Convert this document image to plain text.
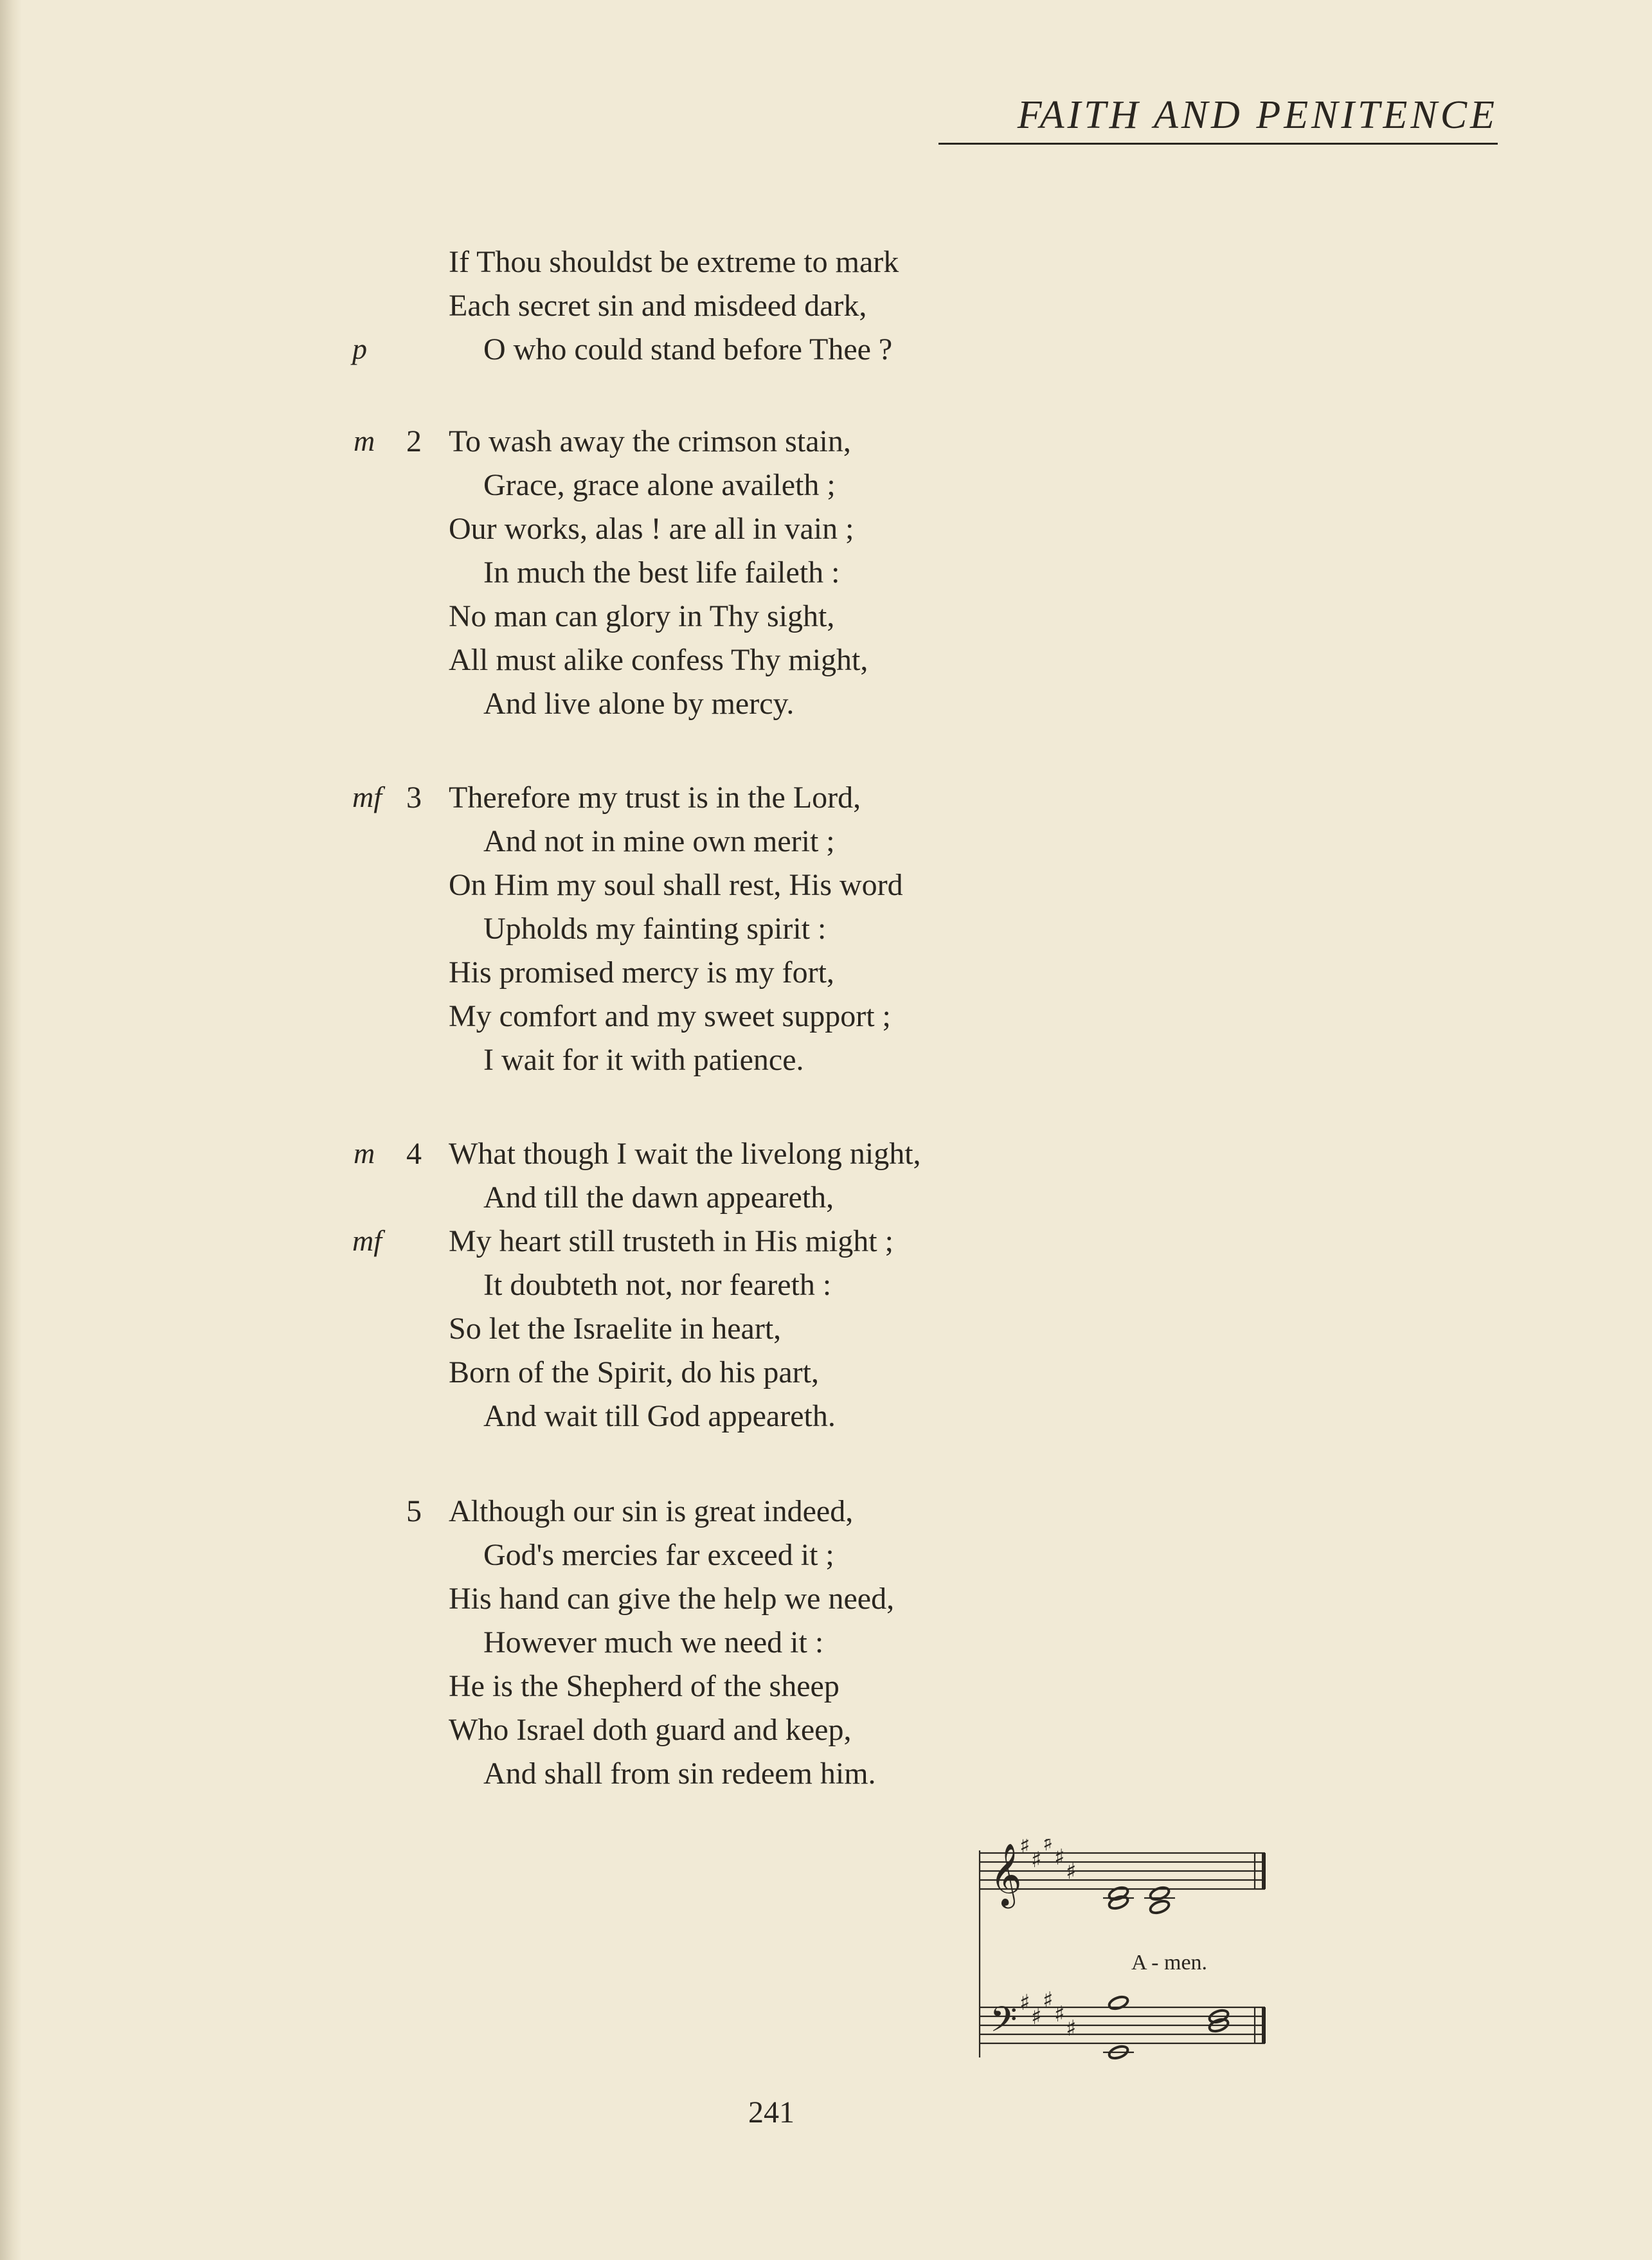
FAITH AND PENITENCE
If Thou shouldst be extreme to mark
Each secret sin and misdeed dark,
p	O who could stand before Thee ?
m 2 To wash away the crimson stain,
Grace, grace alone availeth ;
Our works, alas ! are all in vain ;
In much the best life faileth :
No man can glory in Thy sight,
All must alike confess Thy might,
And live alone by mercy.
mf 3 Therefore my trust is in the Lord,
And not in mine own merit ;
On Him my soul shall rest, His word
Upholds my fainting spirit :
His promised mercy is my fort,
My comfort and my sweet support ;
I wait for it with patience.
m 4 What though I wait the livelong night,
And till the dawn appeareth,
mf My heart still trusteth in His might ;
It doubteth not, nor feareth :
So let the Israelite in heart,
Born of the Spirit, do his part,
And wait till God appeareth.
5 Although our sin is great indeed,
God's mercies far exceed it ;
His hand can give the help we need,
However much we need it :
He is the Shepherd of the sheep
Who Israel doth guard and keep,
And shall from sin redeem him.
𝄞
𝄢
♯
♯
♯
♯
♯
♯
♯
♯
♯
♯
A - men.
241
